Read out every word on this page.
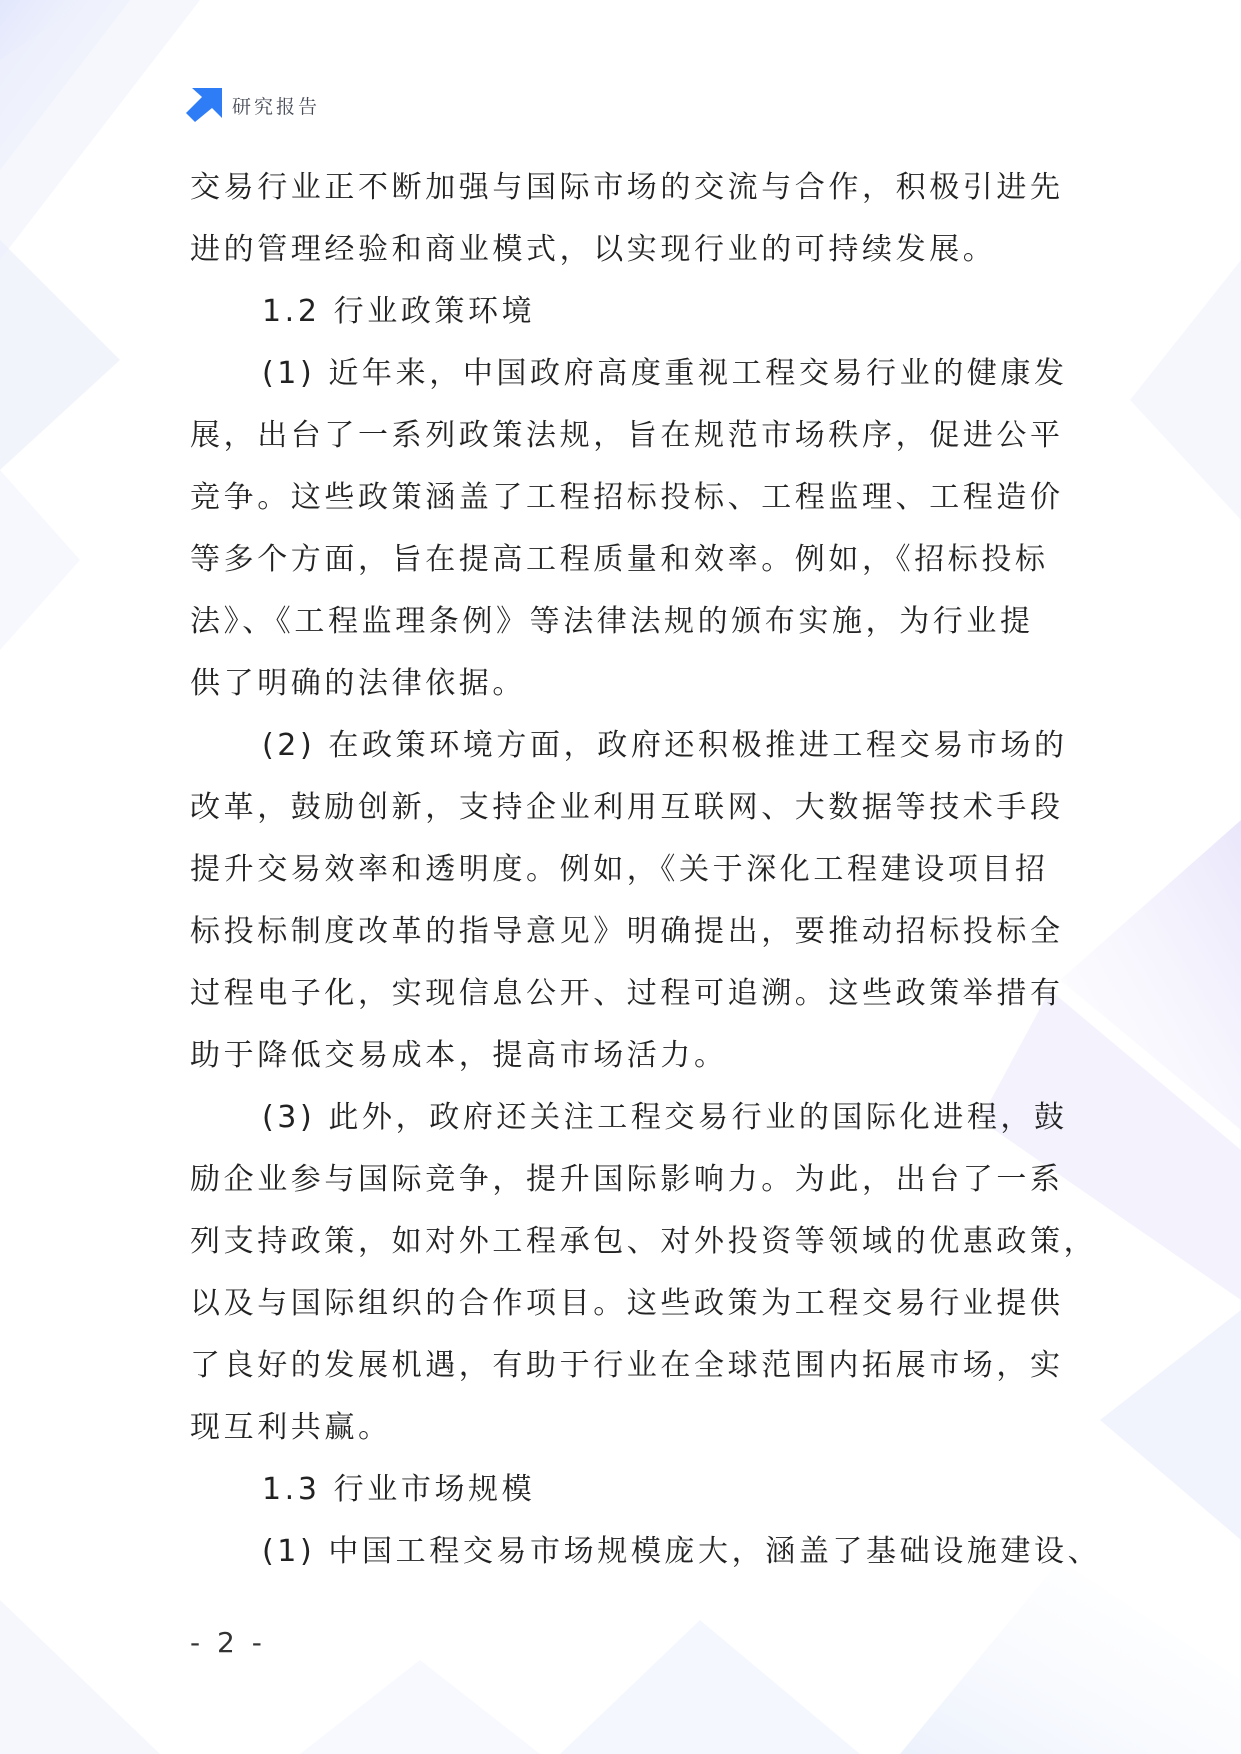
研究报告
交易行业正不断加强与国际市场的交流与合作，积极引进先
进的管理经验和商业模式，以实现行业的可持续发展。
1.2 行业政策环境
(1) 近年来，中国政府高度重视工程交易行业的健康发
展，出台了一系列政策法规，旨在规范市场秩序，促进公平
竞争。这些政策涵盖了工程招标投标、工程监理、工程造价
等多个方面，旨在提高工程质量和效率。例如，《招标投标
法》、《工程监理条例》等法律法规的颁布实施，为行业提
供了明确的法律依据。
(2) 在政策环境方面，政府还积极推进工程交易市场的
改革，鼓励创新，支持企业利用互联网、大数据等技术手段
提升交易效率和透明度。例如，《关于深化工程建设项目招
标投标制度改革的指导意见》明确提出，要推动招标投标全
过程电子化，实现信息公开、过程可追溯。这些政策举措有
助于降低交易成本，提高市场活力。
(3) 此外，政府还关注工程交易行业的国际化进程，鼓
励企业参与国际竞争，提升国际影响力。为此，出台了一系
列支持政策，如对外工程承包、对外投资等领域的优惠政策，
以及与国际组织的合作项目。这些政策为工程交易行业提供
了良好的发展机遇，有助于行业在全球范围内拓展市场，实
现互利共赢。
1.3 行业市场规模
(1) 中国工程交易市场规模庞大，涵盖了基础设施建设、
- 2 -
